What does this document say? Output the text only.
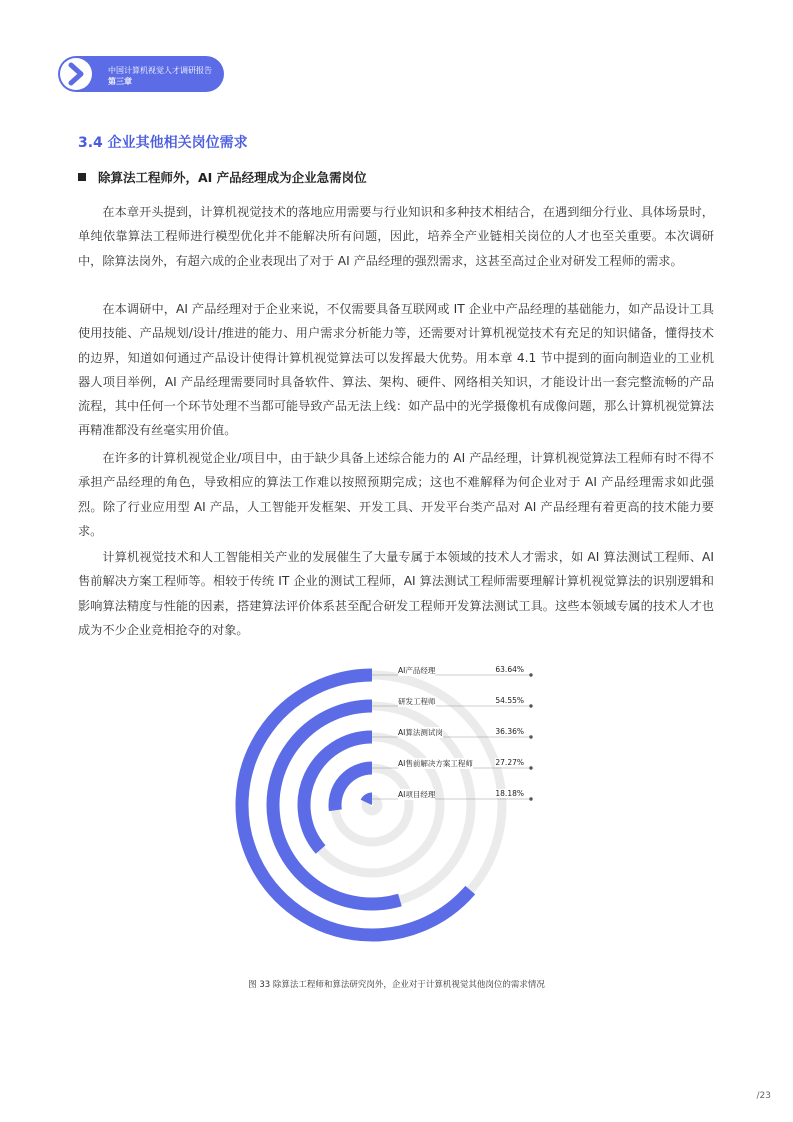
中国计算机视觉人才调研报告
第三章
3.4 企业其他相关岗位需求
除算法工程师外，AI 产品经理成为企业急需岗位

在本章开头提到，计算机视觉技术的落地应用需要与行业知识和多种技术相结合，在遇到细分行业、具体场景时，单纯依靠算法工程师进行模型优化并不能解决所有问题，因此，培养全产业链相关岗位的人才也至关重要。本次调研中，除算法岗外，有超六成的企业表现出了对于 AI 产品经理的强烈需求，这甚至高过企业对研发工程师的需求。

在本调研中，AI 产品经理对于企业来说，不仅需要具备互联网或 IT 企业中产品经理的基础能力，如产品设计工具使用技能、产品规划/设计/推进的能力、用户需求分析能力等，还需要对计算机视觉技术有充足的知识储备，懂得技术的边界，知道如何通过产品设计使得计算机视觉算法可以发挥最大优势。用本章 4.1 节中提到的面向制造业的工业机器人项目举例，AI 产品经理需要同时具备软件、算法、架构、硬件、网络相关知识，才能设计出一套完整流畅的产品流程，其中任何一个环节处理不当都可能导致产品无法上线：如产品中的光学摄像机有成像问题，那么计算机视觉算法再精准都没有丝毫实用价值。

在许多的计算机视觉企业/项目中，由于缺少具备上述综合能力的 AI 产品经理，计算机视觉算法工程师有时不得不承担产品经理的角色，导致相应的算法工作难以按照预期完成；这也不难解释为何企业对于 AI 产品经理需求如此强烈。除了行业应用型 AI 产品，人工智能开发框架、开发工具、开发平台类产品对 AI 产品经理有着更高的技术能力要求。

计算机视觉技术和人工智能相关产业的发展催生了大量专属于本领域的技术人才需求，如 AI 算法测试工程师、AI 售前解决方案工程师等。相较于传统 IT 企业的测试工程师，AI 算法测试工程师需要理解计算机视觉算法的识别逻辑和影响算法精度与性能的因素，搭建算法评价体系甚至配合研发工程师开发算法测试工具。这些本领域专属的技术人才也成为不少企业竞相抢夺的对象。

AI产品经理	63.64%
研发工程师	54.55%
AI算法测试岗	36.36%
AI售前解决方案工程师	27.27%
AI项目经理	18.18%
图 33 除算法工程师和算法研究岗外，企业对于计算机视觉其他岗位的需求情况
/23
